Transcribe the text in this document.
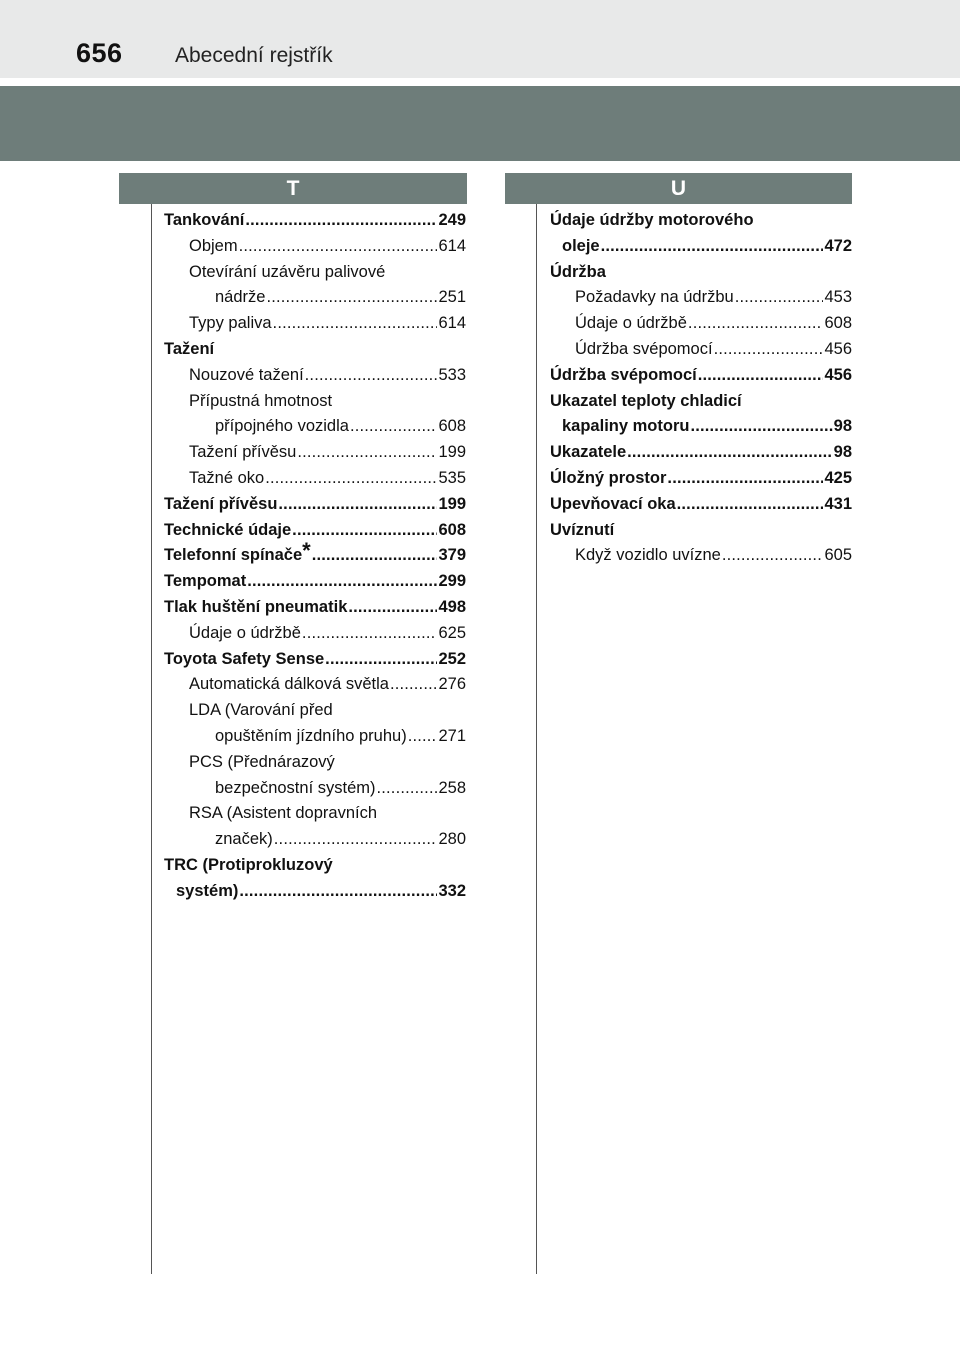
656 Abecední rejstřík
T	U
Tankování . . .	249
Objem . . .	614
Otevírání uzávěru palivové
nádrže . . .	251
Typy paliva . . .	614
Tažení
Nouzové tažení . . .	533
Přípustná hmotnost
přípojného vozidla . . .	608
Tažení přívěsu . . .	199
Tažné oko . . .	535
Tažení přívěsu . . .	199
Technické údaje . . .	608
Telefonní spínače* . . .	379
Tempomat . . .	299
Tlak huštění pneumatik . . .	498
Údaje o údržbě . . .	625
Toyota Safety Sense . . .	252
Automatická dálková světla . . .	276
LDA (Varování před
opuštěním jízdního pruhu) . . . 271
PCS (Přednárazový
bezpečnostní systém) . . .	258
RSA (Asistent dopravních
značek) . . .	280
TRC (Protiprokluzový
systém) . . .	332
Údaje údržby motorového
oleje . . .	472
Údržba
Požadavky na údržbu . . .	453
Údaje o údržbě . . .	608
Údržba svépomocí . . .	456
Údržba svépomocí . . .	456
Ukazatel teploty chladicí
kapaliny motoru . . .	98
Ukazatele . . .	98
Úložný prostor . . .	425
Upevňovací oka . . .	431
Uvíznutí
Když vozidlo uvízne . . .	605
